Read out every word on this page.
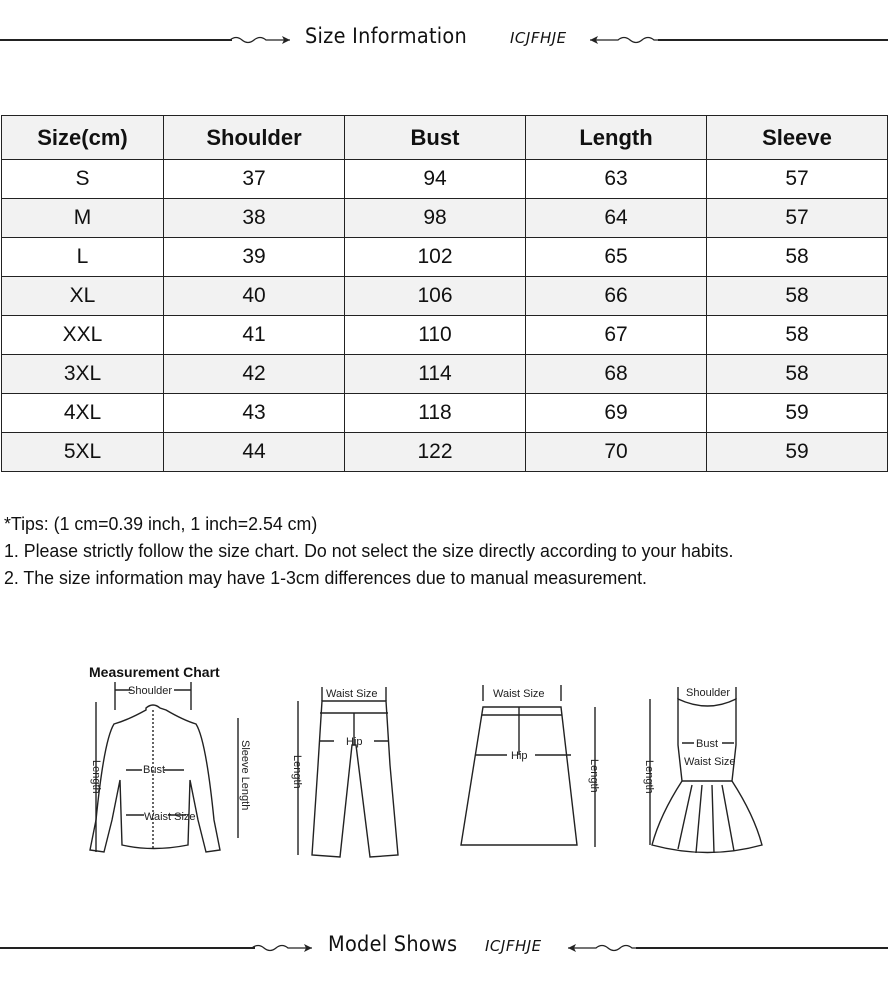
Size Information	ICJFHJE
Size(cm)	Shoulder	Bust	Length	Sleeve
S	37	94	63	57
M	38	98	64	57
L	39	102	65	58
XL	40	106	66	58
XXL	41	110	67	58
3XL	42	114	68	58
4XL	43	118	69	59
5XL	44	122	70	59
*Tips: (1 cm=0.39 inch, 1 inch=2.54 cm)
1. Please strictly follow the size chart. Do not select the size directly according to your habits.
2. The size information may have 1-3cm differences due to manual measurement.
Measurement Chart
Shoulder
Bust
Waist Size
Length	Sleeve Length
Waist Size
Hip
Length
Waist Size
Hip
Length
Shoulder
Bust
Waist Size
Length
Model Shows ICJFHJE
